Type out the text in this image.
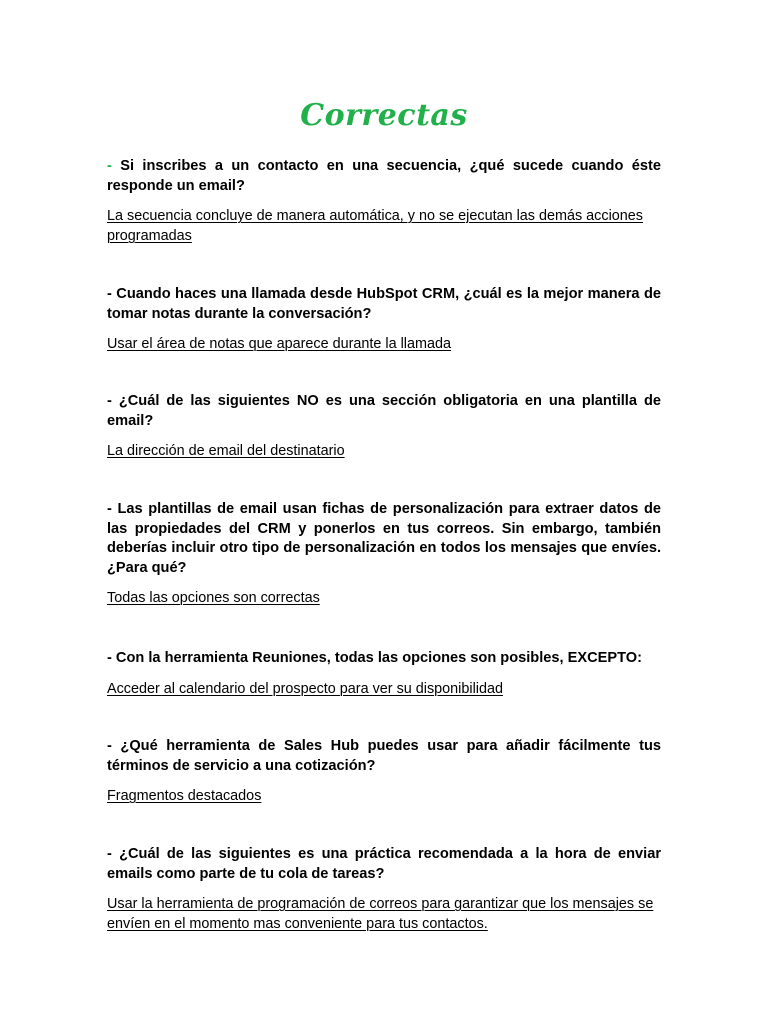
Correctas

- Si inscribes a un contacto en una secuencia, ¿qué sucede cuando éste responde un email?

La secuencia concluye de manera automática, y no se ejecutan las demás acciones programadas

- Cuando haces una llamada desde HubSpot CRM, ¿cuál es la mejor manera de tomar notas durante la conversación?

Usar el área de notas que aparece durante la llamada

- ¿Cuál de las siguientes NO es una sección obligatoria en una plantilla de email?

La dirección de email del destinatario

- Las plantillas de email usan fichas de personalización para extraer datos de las propiedades del CRM y ponerlos en tus correos. Sin embargo, también deberías incluir otro tipo de personalización en todos los mensajes que envíes. ¿Para qué?

Todas las opciones son correctas

- Con la herramienta Reuniones, todas las opciones son posibles, EXCEPTO:

Acceder al calendario del prospecto para ver su disponibilidad

- ¿Qué herramienta de Sales Hub puedes usar para añadir fácilmente tus términos de servicio a una cotización?

Fragmentos destacados

- ¿Cuál de las siguientes es una práctica recomendada a la hora de enviar emails como parte de tu cola de tareas?

Usar la herramienta de programación de correos para garantizar que los mensajes se envíen en el momento mas conveniente para tus contactos.
